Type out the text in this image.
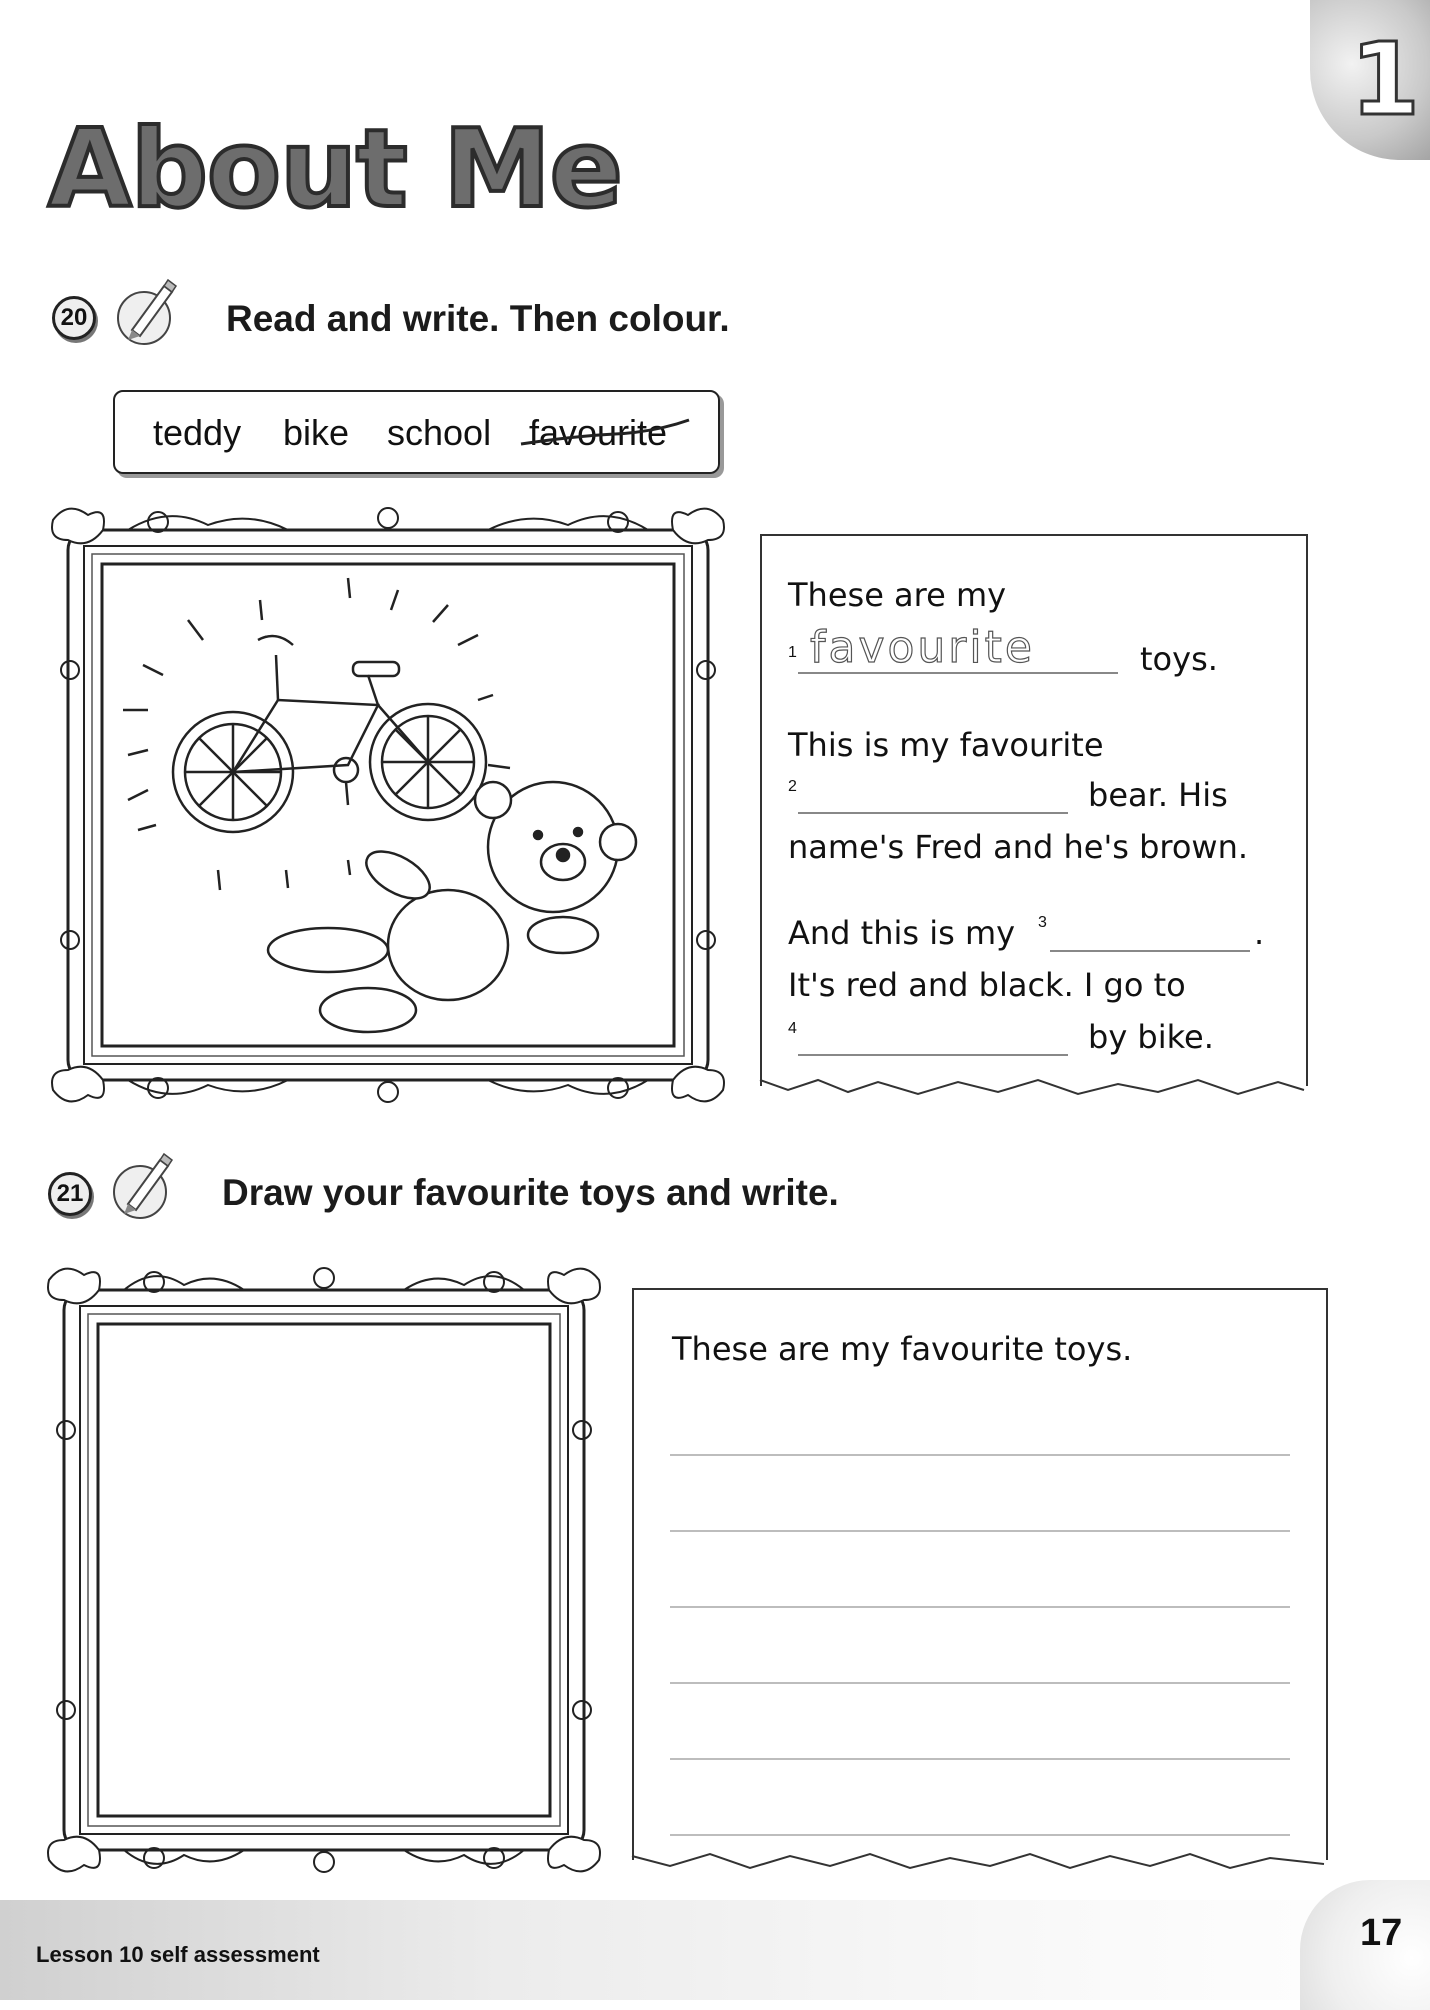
1
About Me
20	Read and write. Then colour.
teddy bike school favourite
These are my
1 favourite	toys.
This is my favourite
2	bear. His
name's Fred and he's brown.
And this is my 3	.
It's red and black. I go to
4	by bike.
21	Draw your favourite toys and write.
These are my favourite toys.
Lesson 10 self assessment
17
